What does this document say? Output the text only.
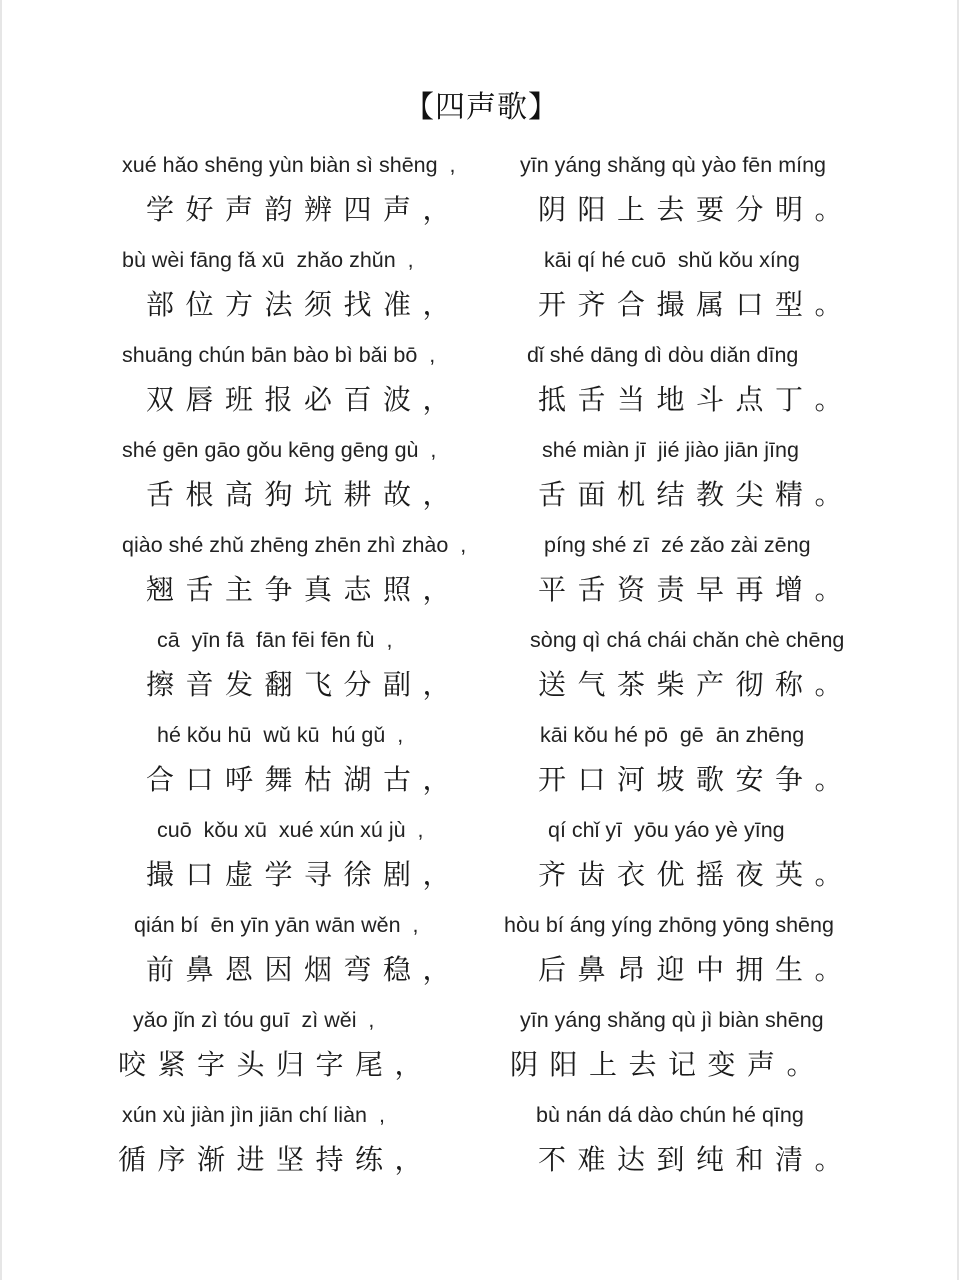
【四声歌】
xué hǎo shēng yùn biàn sì shēng  ,
学好声韵辨四声，
yīn yáng shǎng qù yào fēn míng
阴阳上去要分明。
bù wèi fāng fǎ xū  zhǎo zhǔn  ,
部位方法须找准，
kāi qí hé cuō  shǔ kǒu xíng
开齐合撮属口型。
shuāng chún bān bào bì bǎi bō  ,
双唇班报必百波，
dǐ shé dāng dì dòu diǎn dīng
抵舌当地斗点丁。
shé gēn gāo gǒu kēng gēng gù  ,
舌根高狗坑耕故，
shé miàn jī  jié jiào jiān jīng
舌面机结教尖精。
qiào shé zhǔ zhēng zhēn zhì zhào  ,
翘舌主争真志照，
píng shé zī  zé zǎo zài zēng
平舌资责早再增。
cā  yīn fā  fān fēi fēn fù  ,
擦音发翻飞分副，
sòng qì chá chái chǎn chè chēng
送气茶柴产彻称。
hé kǒu hū  wǔ kū  hú gǔ  ,
合口呼舞枯湖古，
kāi kǒu hé pō  gē  ān zhēng
开口河坡歌安争。
cuō  kǒu xū  xué xún xú jù  ,
撮口虚学寻徐剧，
qí chǐ yī  yōu yáo yè yīng
齐齿衣优摇夜英。
qián bí  ēn yīn yān wān wěn  ,
前鼻恩因烟弯稳，
hòu bí áng yíng zhōng yōng shēng
后鼻昂迎中拥生。
yǎo jǐn zì tóu guī  zì wěi  ,
咬紧字头归字尾，
yīn yáng shǎng qù jì biàn shēng
阴阳上去记变声。
xún xù jiàn jìn jiān chí liàn  ,
循序渐进坚持练，
bù nán dá dào chún hé qīng
不难达到纯和清。
